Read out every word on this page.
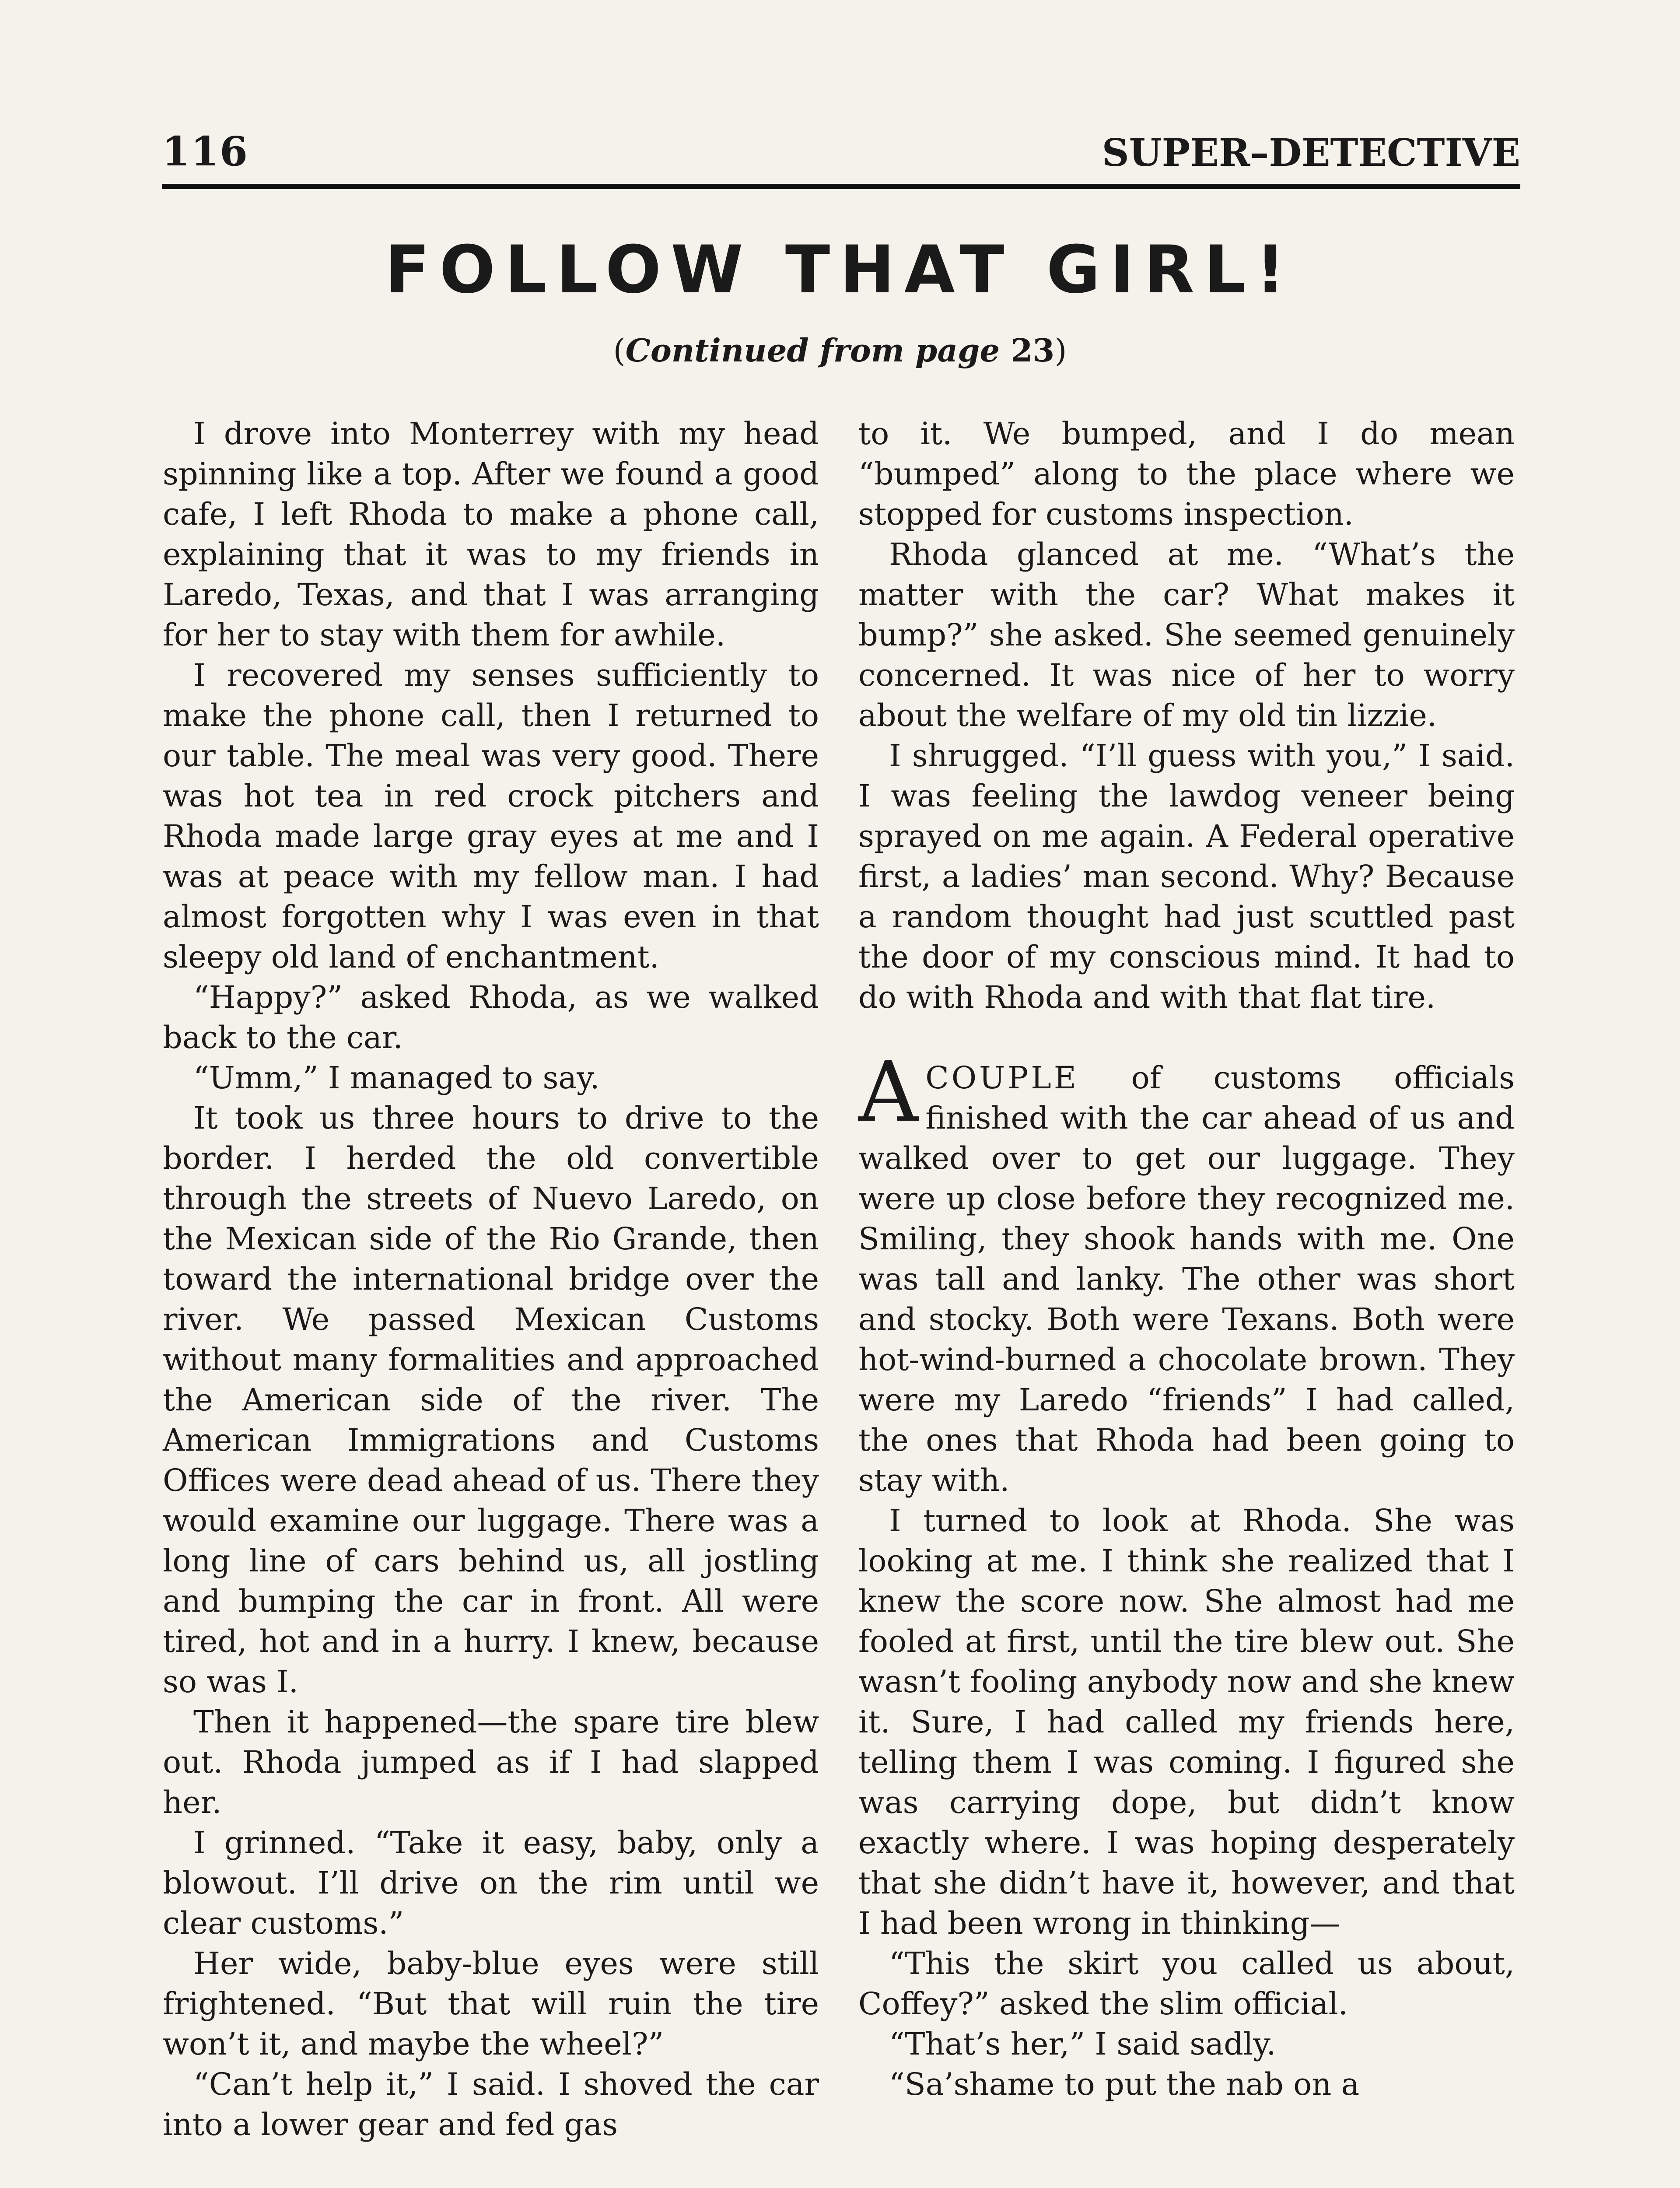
116	SUPER–DETECTIVE
FOLLOW THAT GIRL!
(Continued from page 23)

I drove into Monterrey with my head spinning like a top. After we found a good cafe, I left Rhoda to make a phone call, explaining that it was to my friends in Laredo, Texas, and that I was arranging for her to stay with them for awhile.

I recovered my senses sufficiently to make the phone call, then I returned to our table. The meal was very good. There was hot tea in red crock pitchers and Rhoda made large gray eyes at me and I was at peace with my fellow man. I had almost forgotten why I was even in that sleepy old land of enchantment.

“Happy?” asked Rhoda, as we walked back to the car.

“Umm,” I managed to say.

It took us three hours to drive to the border. I herded the old convertible through the streets of Nuevo Laredo, on the Mexican side of the Rio Grande, then toward the international bridge over the river. We passed Mexican Customs without many formalities and approached the American side of the river. The American Immigrations and Customs Offices were dead ahead of us. There they would examine our luggage. There was a long line of cars behind us, all jostling and bumping the car in front. All were tired, hot and in a hurry. I knew, because so was I.

Then it happened—the spare tire blew out. Rhoda jumped as if I had slapped her.

I grinned. “Take it easy, baby, only a blowout. I’ll drive on the rim until we clear customs.”

Her wide, baby-blue eyes were still frightened. “But that will ruin the tire won’t it, and maybe the wheel?”

“Can’t help it,” I said. I shoved the car into a lower gear and fed gas

to it. We bumped, and I do mean “bumped” along to the place where we stopped for customs inspection.

Rhoda glanced at me. “What’s the matter with the car? What makes it bump?” she asked. She seemed genuinely concerned. It was nice of her to worry about the welfare of my old tin lizzie.

I shrugged. “I’ll guess with you,” I said. I was feeling the lawdog veneer being sprayed on me again. A Federal operative first, a ladies’ man second. Why? Because a random thought had just scuttled past the door of my conscious mind. It had to do with Rhoda and with that flat tire.

ACOUPLE of customs officials finished with the car ahead of us and walked over to get our luggage. They were up close before they recognized me. Smiling, they shook hands with me. One was tall and lanky. The other was short and stocky. Both were Texans. Both were hot-wind-burned a chocolate brown. They were my Laredo “friends” I had called, the ones that Rhoda had been going to stay with.

I turned to look at Rhoda. She was looking at me. I think she realized that I knew the score now. She almost had me fooled at first, until the tire blew out. She wasn’t fooling anybody now and she knew it. Sure, I had called my friends here, telling them I was coming. I figured she was carrying dope, but didn’t know exactly where. I was hoping desperately that she didn’t have it, however, and that I had been wrong in thinking—

“This the skirt you called us about, Coffey?” asked the slim official.

“That’s her,” I said sadly.

“Sa’shame to put the nab on a
